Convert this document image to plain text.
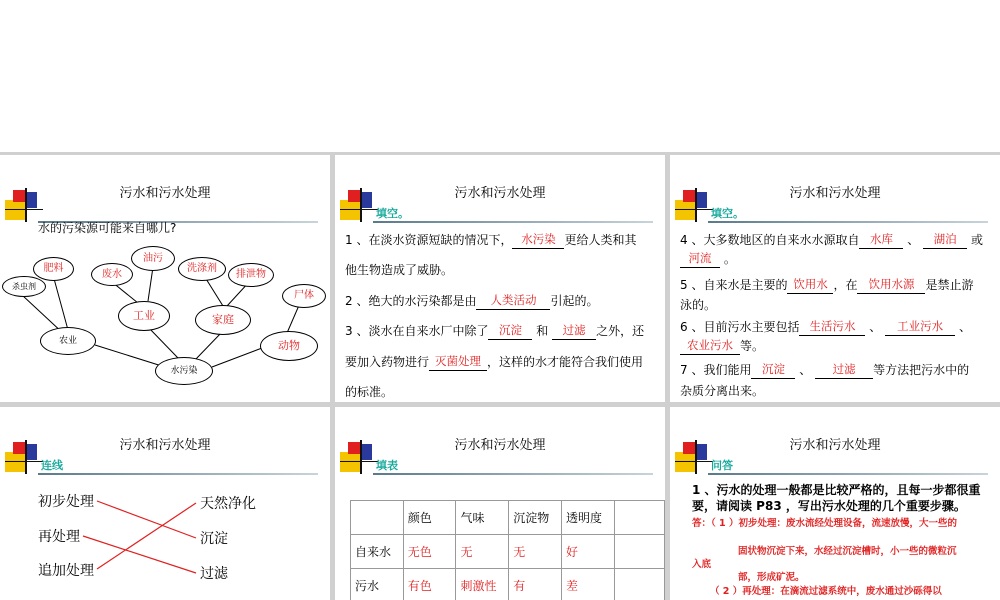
污水和污水处理
水的污染源可能来自哪儿?
杀虫剂
肥料
废水
油污
洗涤剂
排泄物
尸体
工业	家庭
农业	动物
水污染
污水和污水处理
填空。
1 、在淡水资源短缺的情况下， 水污染 更给人类和其
他生物造成了威胁。
2 、绝大的水污染都是由	人类活动	引起的。
3 、淡水在自来水厂中除了 沉淀	和	过滤 之外，还
要加入药物进行 灭菌处理 ，这样的水才能符合我们使用
的标准。
污水和污水处理
填空。
4 、大多数地区的自来水水源取自 水库	、	湖泊	或
河流	。
5 、自来水是主要的 饮用水 ，在 饮用水源 是禁止游
泳的。
6 、目前污水主要包括 生活污水	、	工业污水	、
农业污水 等。
7 、我们能用 沉淀	、	过滤	等方法把污水中的
杂质分离出来。
污水和污水处理
连线
初步处理
再处理
追加处理
天然净化
沉淀
过滤
污水和污水处理
填表
	颜色	气味	沉淀物	透明度	
自来水	无色	无	无	好	
污水	有色	刺激性	有	差	
污水和污水处理
问答
1 、污水的处理一般都是比较严格的，且每一步都很重要，请阅读 P83 ，写出污水处理的几个重要步骤。
答：（ 1 ）初步处理：废水流经处理设备，流速放慢，大一些的
固状物沉淀下来，水经过沉淀槽时，小一些的微粒沉
入底
部，形成矿泥。
（ 2 ）再处理：在滴流过滤系统中，废水通过沙砾得以
